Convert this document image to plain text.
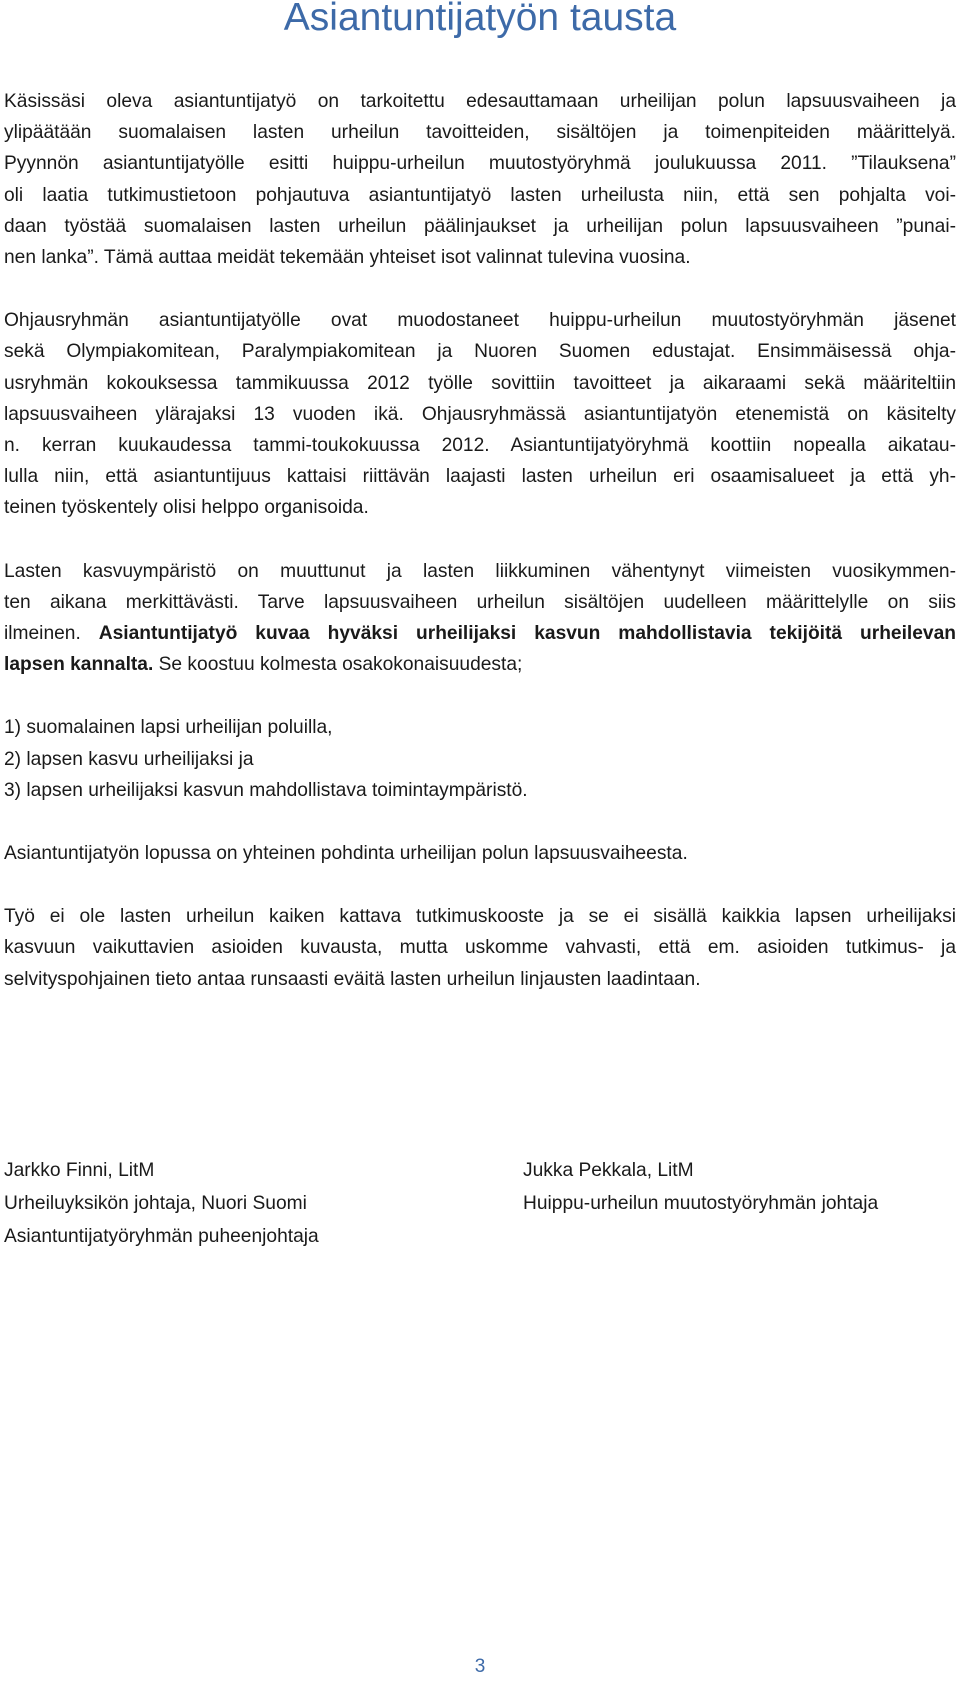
Asiantuntijatyön tausta
Käsissäsi oleva asiantuntijatyö on tarkoitettu edesauttamaan urheilijan polun lapsuusvaiheen ja
ylipäätään suomalaisen lasten urheilun tavoitteiden, sisältöjen ja toimenpiteiden määrittelyä.
Pyynnön asiantuntijatyölle esitti huippu-urheilun muutostyöryhmä joulukuussa 2011. ”Tilauksena”
oli laatia tutkimustietoon pohjautuva asiantuntijatyö lasten urheilusta niin, että sen pohjalta voi-
daan työstää suomalaisen lasten urheilun päälinjaukset ja urheilijan polun lapsuusvaiheen ”punai-
nen lanka”. Tämä auttaa meidät tekemään yhteiset isot valinnat tulevina vuosina.
Ohjausryhmän asiantuntijatyölle ovat muodostaneet huippu-urheilun muutostyöryhmän jäsenet
sekä Olympiakomitean, Paralympiakomitean ja Nuoren Suomen edustajat. Ensimmäisessä ohja-
usryhmän kokouksessa tammikuussa 2012 työlle sovittiin tavoitteet ja aikaraami sekä määriteltiin
lapsuusvaiheen ylärajaksi 13 vuoden ikä. Ohjausryhmässä asiantuntijatyön etenemistä on käsitelty
n. kerran kuukaudessa tammi-toukokuussa 2012. Asiantuntijatyöryhmä koottiin nopealla aikatau-
lulla niin, että asiantuntijuus kattaisi riittävän laajasti lasten urheilun eri osaamisalueet ja että yh-
teinen työskentely olisi helppo organisoida.
Lasten kasvuympäristö on muuttunut ja lasten liikkuminen vähentynyt viimeisten vuosikymmen-
ten aikana merkittävästi. Tarve lapsuusvaiheen urheilun sisältöjen uudelleen määrittelylle on siis
ilmeinen. Asiantuntijatyö kuvaa hyväksi urheilijaksi kasvun mahdollistavia tekijöitä urheilevan
lapsen kannalta. Se koostuu kolmesta osakokonaisuudesta;
1) suomalainen lapsi urheilijan poluilla,
2) lapsen kasvu urheilijaksi ja
3) lapsen urheilijaksi kasvun mahdollistava toimintaympäristö.
Asiantuntijatyön lopussa on yhteinen pohdinta urheilijan polun lapsuusvaiheesta.
Työ ei ole lasten urheilun kaiken kattava tutkimuskooste ja se ei sisällä kaikkia lapsen urheilijaksi
kasvuun vaikuttavien asioiden kuvausta, mutta uskomme vahvasti, että em. asioiden tutkimus- ja
selvityspohjainen tieto antaa runsaasti eväitä lasten urheilun linjausten laadintaan.
Jarkko Finni, LitM
Urheiluyksikön johtaja, Nuori Suomi
Asiantuntijatyöryhmän puheenjohtaja
Jukka Pekkala, LitM
Huippu-urheilun muutostyöryhmän johtaja
3
